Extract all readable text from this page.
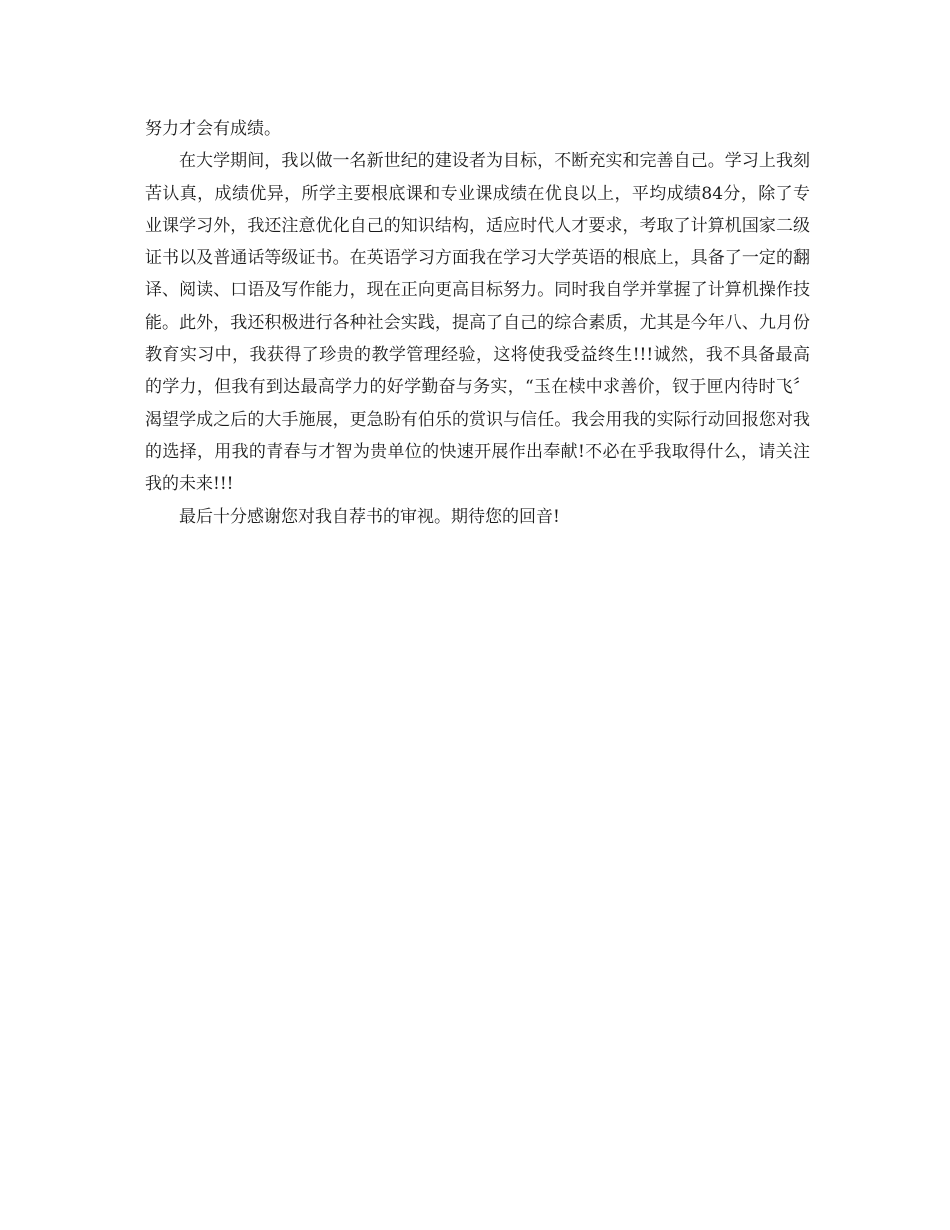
努力才会有成绩。

在大学期间，我以做一名新世纪的建设者为目标，不断充实和完善自己。学习上我刻苦认真，成绩优异，所学主要根底课和专业课成绩在优良以上，平均成绩84分，除了专业课学习外，我还注意优化自己的知识结构，适应时代人才要求，考取了计算机国家二级证书以及普通话等级证书。在英语学习方面我在学习大学英语的根底上，具备了一定的翻译、阅读、口语及写作能力，现在正向更高目标努力。同时我自学并掌握了计算机操作技能。此外，我还积极进行各种社会实践，提高了自己的综合素质，尤其是今年八、九月份教育实习中，我获得了珍贵的教学管理经验，这将使我受益终生!!!诚然，我不具备最高的学力，但我有到达最高学力的好学勤奋与务实，“玉在椟中求善价，钗于匣内待时飞〞渴望学成之后的大手施展，更急盼有伯乐的赏识与信任。我会用我的实际行动回报您对我的选择，用我的青春与才智为贵单位的快速开展作出奉献!不必在乎我取得什么，请关注我的未来!!!

最后十分感谢您对我自荐书的审视。期待您的回音!
